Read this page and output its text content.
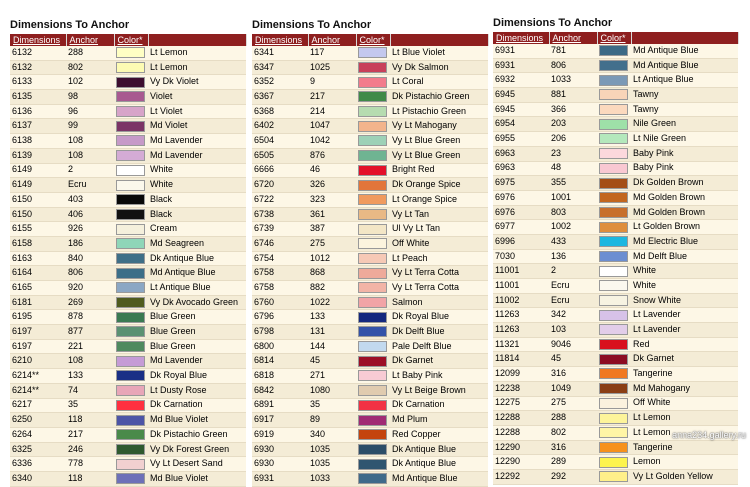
Dimensions To Anchor
Dimensions	Anchor	Color*	
6132	288		Lt Lemon
6132	802		Lt Lemon
6133	102		Vy Dk Violet
6135	98		Violet
6136	96		Lt Violet
6137	99		Md Violet
6138	108		Md Lavender
6139	108		Md Lavender
6149	2		White
6149	Ecru		White
6150	403		Black
6150	406		Black
6155	926		Cream
6158	186		Md Seagreen
6163	840		Dk Antique Blue
6164	806		Md Antique Blue
6165	920		Lt Antique Blue
6181	269		Vy Dk Avocado Green
6195	878		Blue Green
6197	877		Blue Green
6197	221		Blue Green
6210	108		Md Lavender
6214**	133		Dk Royal Blue
6214**	74		Lt Dusty Rose
6217	35		Dk Carnation
6250	118		Md Blue Violet
6264	217		Dk Pistachio Green
6325	246		Vy Dk Forest Green
6336	778		Vy Lt Desert Sand
6340	118		Md Blue Violet
Dimensions To Anchor
Dimensions	Anchor	Color*	
6341	117		Lt Blue Violet
6347	1025		Vy Dk Salmon
6352	9		Lt Coral
6367	217		Dk Pistachio Green
6368	214		Lt Pistachio Green
6402	1047		Vy Lt Mahogany
6504	1042		Vy Lt Blue Green
6505	876		Vy Lt Blue Green
6666	46		Bright Red
6720	326		Dk Orange Spice
6722	323		Lt Orange Spice
6738	361		Vy Lt Tan
6739	387		Ul Vy Lt Tan
6746	275		Off White
6754	1012		Lt Peach
6758	868		Vy Lt Terra Cotta
6758	882		Vy Lt Terra Cotta
6760	1022		Salmon
6796	133		Dk Royal Blue
6798	131		Dk Delft Blue
6800	144		Pale Delft Blue
6814	45		Dk Garnet
6818	271		Lt Baby Pink
6842	1080		Vy Lt Beige Brown
6891	35		Dk Carnation
6917	89		Md Plum
6919	340		Red Copper
6930	1035		Dk Antique Blue
6930	1035		Dk Antique Blue
6931	1033		Md Antique Blue
Dimensions To Anchor
Dimensions	Anchor	Color*	
6931	781		Md Antique Blue
6931	806		Md Antique Blue
6932	1033		Lt Antique Blue
6945	881		Tawny
6945	366		Tawny
6954	203		Nile Green
6955	206		Lt Nile Green
6963	23		Baby Pink
6963	48		Baby Pink
6975	355		Dk Golden Brown
6976	1001		Md Golden Brown
6976	803		Md Golden Brown
6977	1002		Lt Golden Brown
6996	433		Md Electric Blue
7030	136		Md Delft Blue
11001	2		White
11001	Ecru		White
11002	Ecru		Snow White
11263	342		Lt Lavender
11263	103		Lt Lavender
11321	9046		Red
11814	45		Dk Garnet
12099	316		Tangerine
12238	1049		Md Mahogany
12275	275		Off White
12288	288		Lt Lemon
12288	802		Lt Lemon
12290	316		Tangerine
12290	289		Lemon
12292	292		Vy Lt Golden Yellow
anna234.gallery.ru
